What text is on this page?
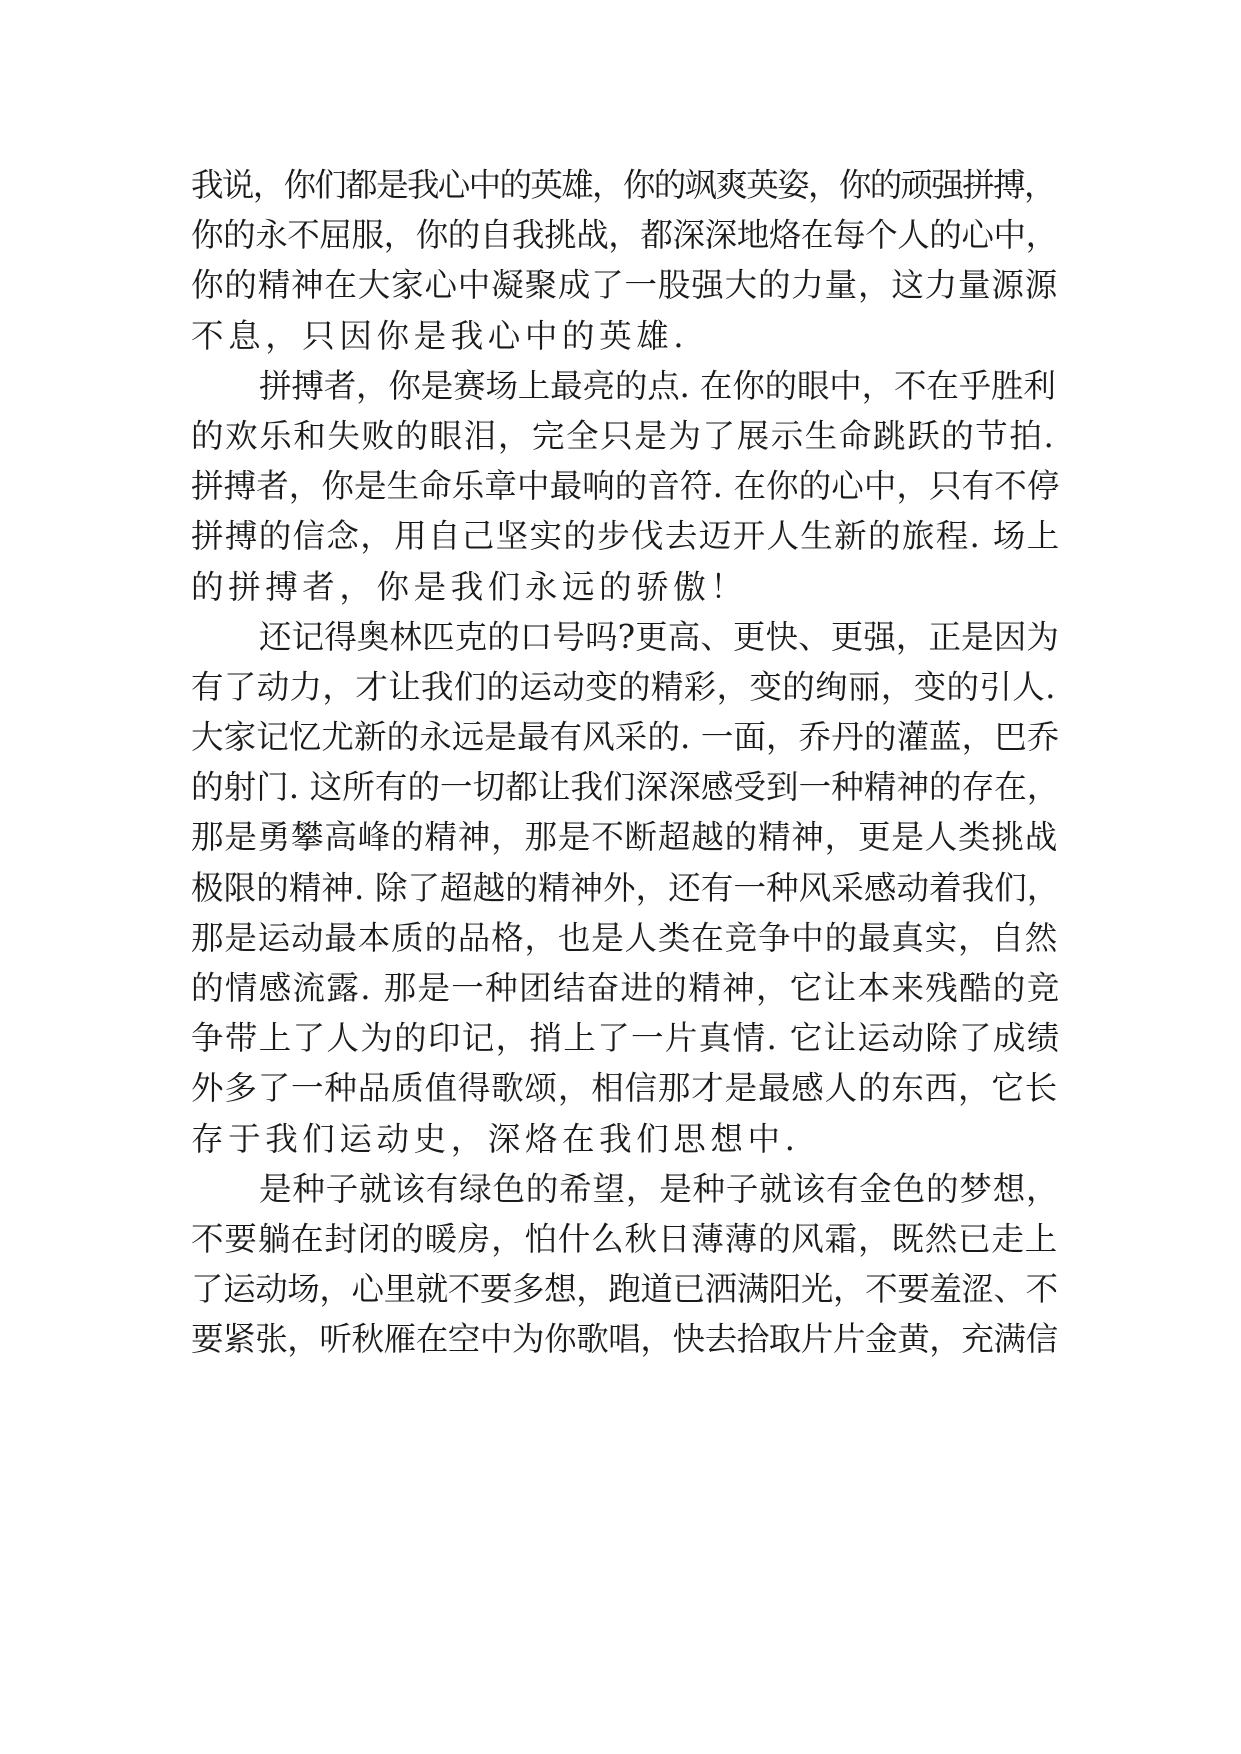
我说，你们都是我心中的英雄，你的飒爽英姿，你的顽强拼搏，
你的永不屈服，你的自我挑战，都深深地烙在每个人的心中，
你的精神在大家心中凝聚成了一股强大的力量，这力量源源
不息，只因你是我心中的英雄.
拼搏者，你是赛场上最亮的点. 在你的眼中，不在乎胜利
的欢乐和失败的眼泪，完全只是为了展示生命跳跃的节拍.
拼搏者，你是生命乐章中最响的音符. 在你的心中，只有不停
拼搏的信念，用自己坚实的步伐去迈开人生新的旅程. 场上
的拼搏者，你是我们永远的骄傲！
还记得奥林匹克的口号吗?更高、更快、更强，正是因为
有了动力，才让我们的运动变的精彩，变的绚丽，变的引人.
大家记忆尤新的永远是最有风采的. 一面，乔丹的灌蓝，巴乔
的射门. 这所有的一切都让我们深深感受到一种精神的存在，
那是勇攀高峰的精神，那是不断超越的精神，更是人类挑战
极限的精神. 除了超越的精神外，还有一种风采感动着我们，
那是运动最本质的品格，也是人类在竞争中的最真实，自然
的情感流露. 那是一种团结奋进的精神，它让本来残酷的竞
争带上了人为的印记，捎上了一片真情. 它让运动除了成绩
外多了一种品质值得歌颂，相信那才是最感人的东西，它长
存于我们运动史，深烙在我们思想中.
是种子就该有绿色的希望，是种子就该有金色的梦想，
不要躺在封闭的暖房，怕什么秋日薄薄的风霜，既然已走上
了运动场，心里就不要多想，跑道已洒满阳光，不要羞涩、不
要紧张，听秋雁在空中为你歌唱，快去拾取片片金黄，充满信
